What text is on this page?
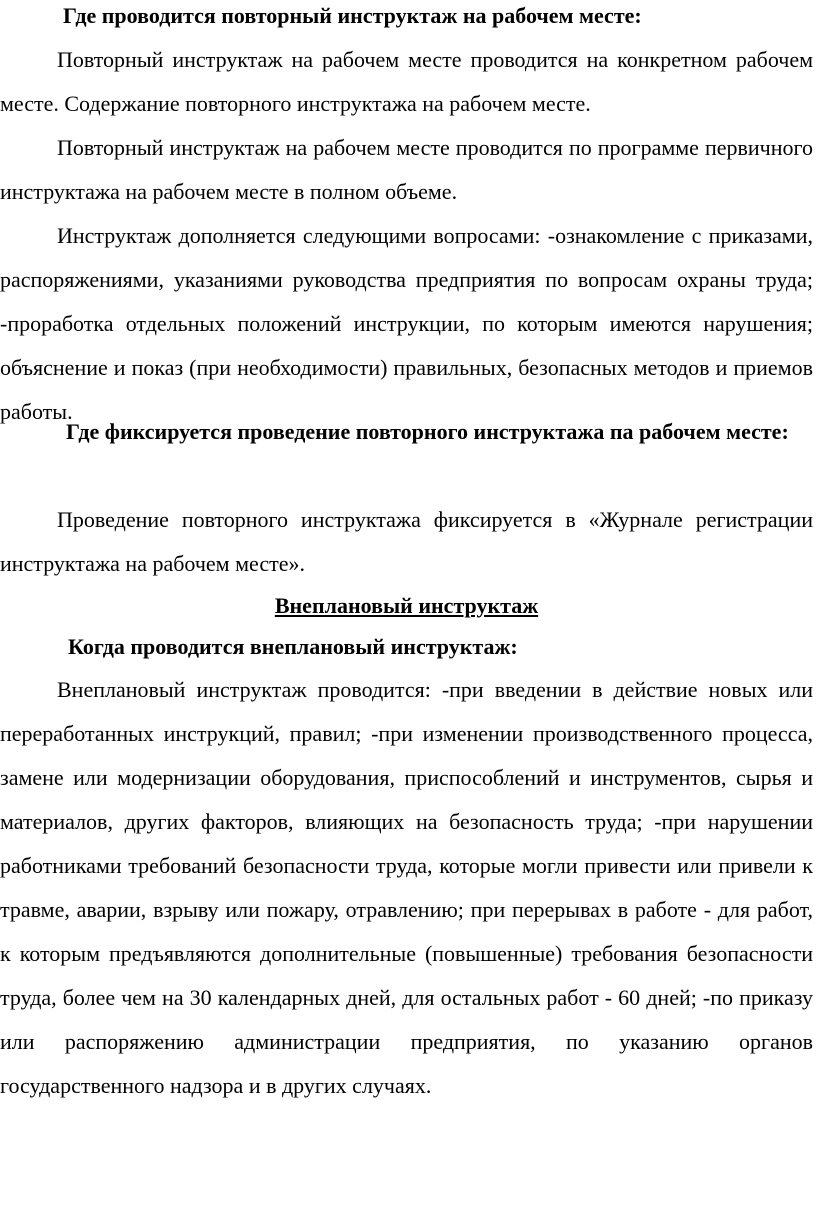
Где проводится повторный инструктаж на рабочем месте:

Повторный инструктаж на рабочем месте проводится на конкретном рабочем месте. Содержание повторного инструктажа на рабочем месте.

Повторный инструктаж на рабочем месте проводится по программе первичного инструктажа на рабочем месте в полном объеме.

Инструктаж дополняется следующими вопросами: -ознакомление с приказами, распоряжениями, указаниями руководства предприятия по вопросам охраны труда; -проработка отдельных положений инструкции, по которым имеются нарушения; объяснение и показ (при необходимости) правильных, безопасных методов и приемов работы.

Где фиксируется проведение повторного инструктажа па рабочем месте:

Проведение повторного инструктажа фиксируется в «Журнале регистрации инструктажа на рабочем месте».

Внеплановый инструктаж

Когда проводится внеплановый инструктаж:

Внеплановый инструктаж проводится: -при введении в действие новых или переработанных инструкций, правил; -при изменении производственного процесса, замене или модернизации оборудования, приспособлений и инструментов, сырья и материалов, других факторов, влияющих на безопасность труда; -при нарушении работниками требований безопасности труда, которые могли привести или привели к травме, аварии, взрыву или пожару, отравлению; при перерывах в работе - для работ, к которым предъявляются дополнительные (повышенные) требования безопасности труда, более чем на 30 календарных дней, для остальных работ - 60 дней; -по приказу или распоряжению администрации предприятия, по указанию органов государственного надзора и в других случаях.
